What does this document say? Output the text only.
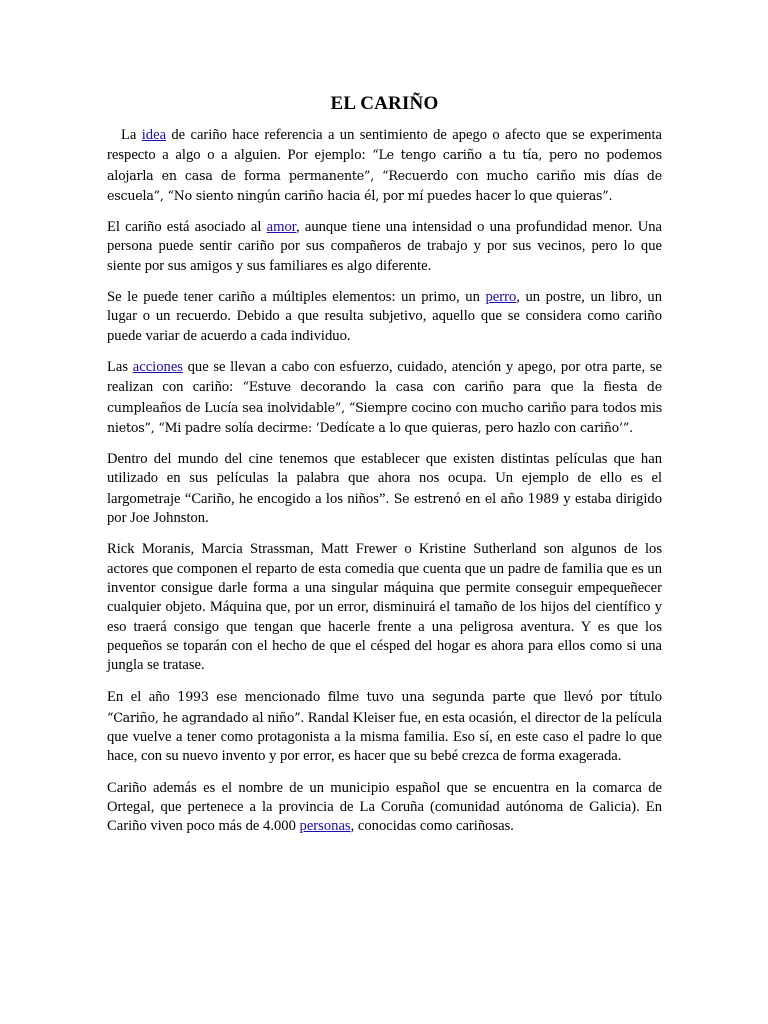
EL CARIÑO

La idea de cariño hace referencia a un sentimiento de apego o afecto que se experimenta respecto a algo o a alguien. Por ejemplo: “Le tengo cariño a tu tía, pero no podemos alojarla en casa de forma permanente”, “Recuerdo con mucho cariño mis días de escuela”, “No siento ningún cariño hacia él, por mí puedes hacer lo que quieras”.

El cariño está asociado al amor, aunque tiene una intensidad o una profundidad menor. Una persona puede sentir cariño por sus compañeros de trabajo y por sus vecinos, pero lo que siente por sus amigos y sus familiares es algo diferente.

Se le puede tener cariño a múltiples elementos: un primo, un perro, un postre, un libro, un lugar o un recuerdo. Debido a que resulta subjetivo, aquello que se considera como cariño puede variar de acuerdo a cada individuo.

Las acciones que se llevan a cabo con esfuerzo, cuidado, atención y apego, por otra parte, se realizan con cariño: “Estuve decorando la casa con cariño para que la fiesta de cumpleaños de Lucía sea inolvidable”, “Siempre cocino con mucho cariño para todos mis nietos”, “Mi padre solía decirme: ‘Dedícate a lo que quieras, pero hazlo con cariño’”.

Dentro del mundo del cine tenemos que establecer que existen distintas películas que han utilizado en sus películas la palabra que ahora nos ocupa. Un ejemplo de ello es el largometraje “Cariño, he encogido a los niños”. Se estrenó en el año 1989 y estaba dirigido por Joe Johnston.

Rick Moranis, Marcia Strassman, Matt Frewer o Kristine Sutherland son algunos de los actores que componen el reparto de esta comedia que cuenta que un padre de familia que es un inventor consigue darle forma a una singular máquina que permite conseguir empequeñecer cualquier objeto. Máquina que, por un error, disminuirá el tamaño de los hijos del científico y eso traerá consigo que tengan que hacerle frente a una peligrosa aventura. Y es que los pequeños se toparán con el hecho de que el césped del hogar es ahora para ellos como si una jungla se tratase.

En el año 1993 ese mencionado filme tuvo una segunda parte que llevó por título “Cariño, he agrandado al niño”. Randal Kleiser fue, en esta ocasión, el director de la película que vuelve a tener como protagonista a la misma familia. Eso sí, en este caso el padre lo que hace, con su nuevo invento y por error, es hacer que su bebé crezca de forma exagerada.

Cariño además es el nombre de un municipio español que se encuentra en la comarca de Ortegal, que pertenece a la provincia de La Coruña (comunidad autónoma de Galicia). En Cariño viven poco más de 4.000 personas, conocidas como cariñosas.
